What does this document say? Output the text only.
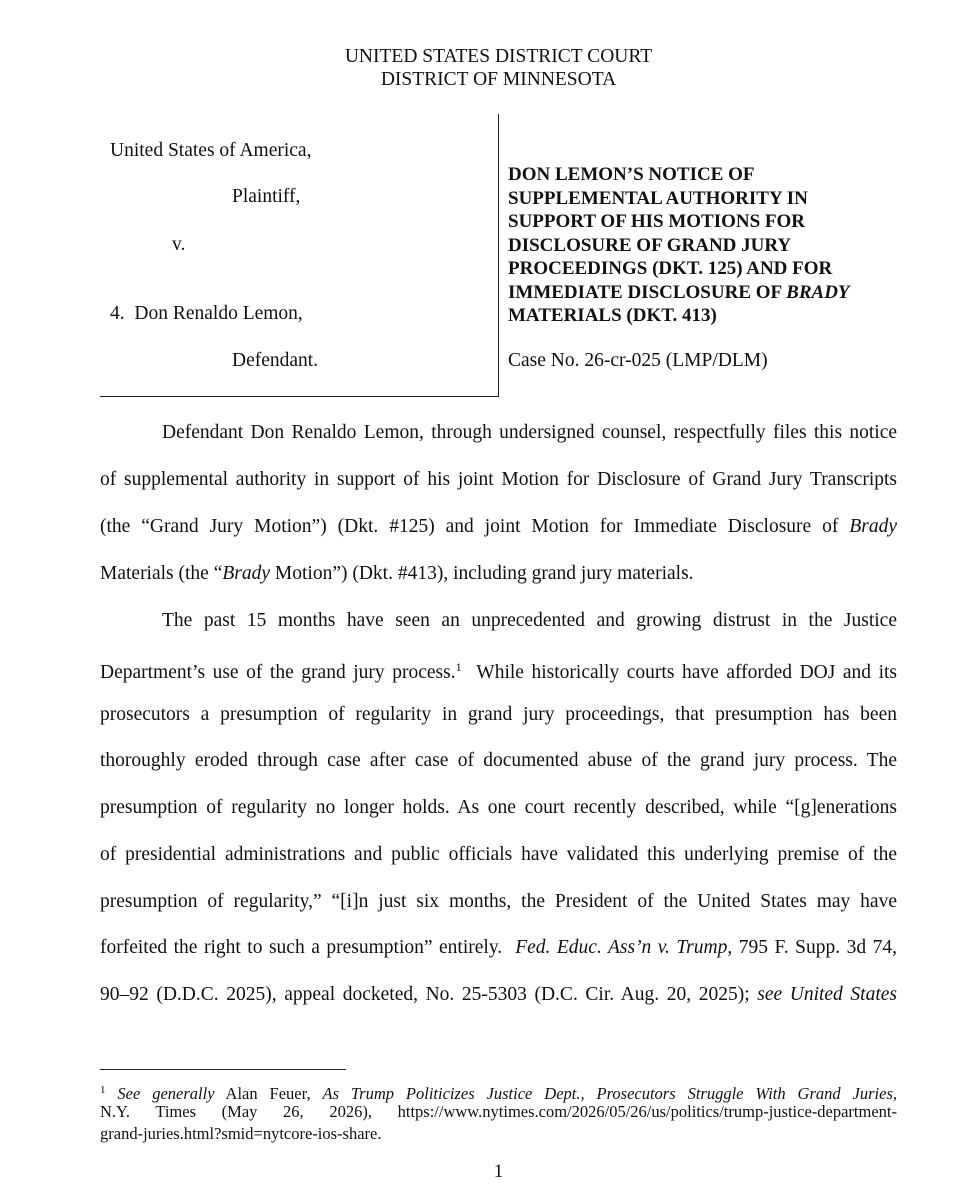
UNITED STATES DISTRICT COURT
DISTRICT OF MINNESOTA
United States of America,
Plaintiff,
v.
4.  Don Renaldo Lemon,
Defendant.
DON LEMON’S NOTICE OF
SUPPLEMENTAL AUTHORITY IN
SUPPORT OF HIS MOTIONS FOR
DISCLOSURE OF GRAND JURY
PROCEEDINGS (DKT. 125) AND FOR
IMMEDIATE DISCLOSURE OF BRADY
MATERIALS (DKT. 413)
Case No. 26-cr-025 (LMP/DLM)
Defendant Don Renaldo Lemon, through undersigned counsel, respectfully files this notice
of supplemental authority in support of his joint Motion for Disclosure of Grand Jury Transcripts
(the “Grand Jury Motion”) (Dkt. #125) and joint Motion for Immediate Disclosure of Brady
Materials (the “Brady Motion”) (Dkt. #413), including grand jury materials.
The past 15 months have seen an unprecedented and growing distrust in the Justice
Department’s use of the grand jury process.$^1$  While historically courts have afforded DOJ and its
prosecutors a presumption of regularity in grand jury proceedings, that presumption has been
thoroughly eroded through case after case of documented abuse of the grand jury process. The
presumption of regularity no longer holds. As one court recently described, while “[g]enerations
of presidential administrations and public officials have validated this underlying premise of the
presumption of regularity,” “[i]n just six months, the President of the United States may have
forfeited the right to such a presumption” entirely.  Fed. Educ. Ass’n v. Trump, 795 F. Supp. 3d 74,
90–92 (D.D.C. 2025), appeal docketed, No. 25-5303 (D.C. Cir. Aug. 20, 2025); see United States
$^1$ See generally Alan Feuer, As Trump Politicizes Justice Dept., Prosecutors Struggle With Grand Juries,
N.Y. Times (May 26, 2026), https://www.nytimes.com/2026/05/26/us/politics/trump-justice-department-
grand-juries.html?smid=nytcore-ios-share.
1
